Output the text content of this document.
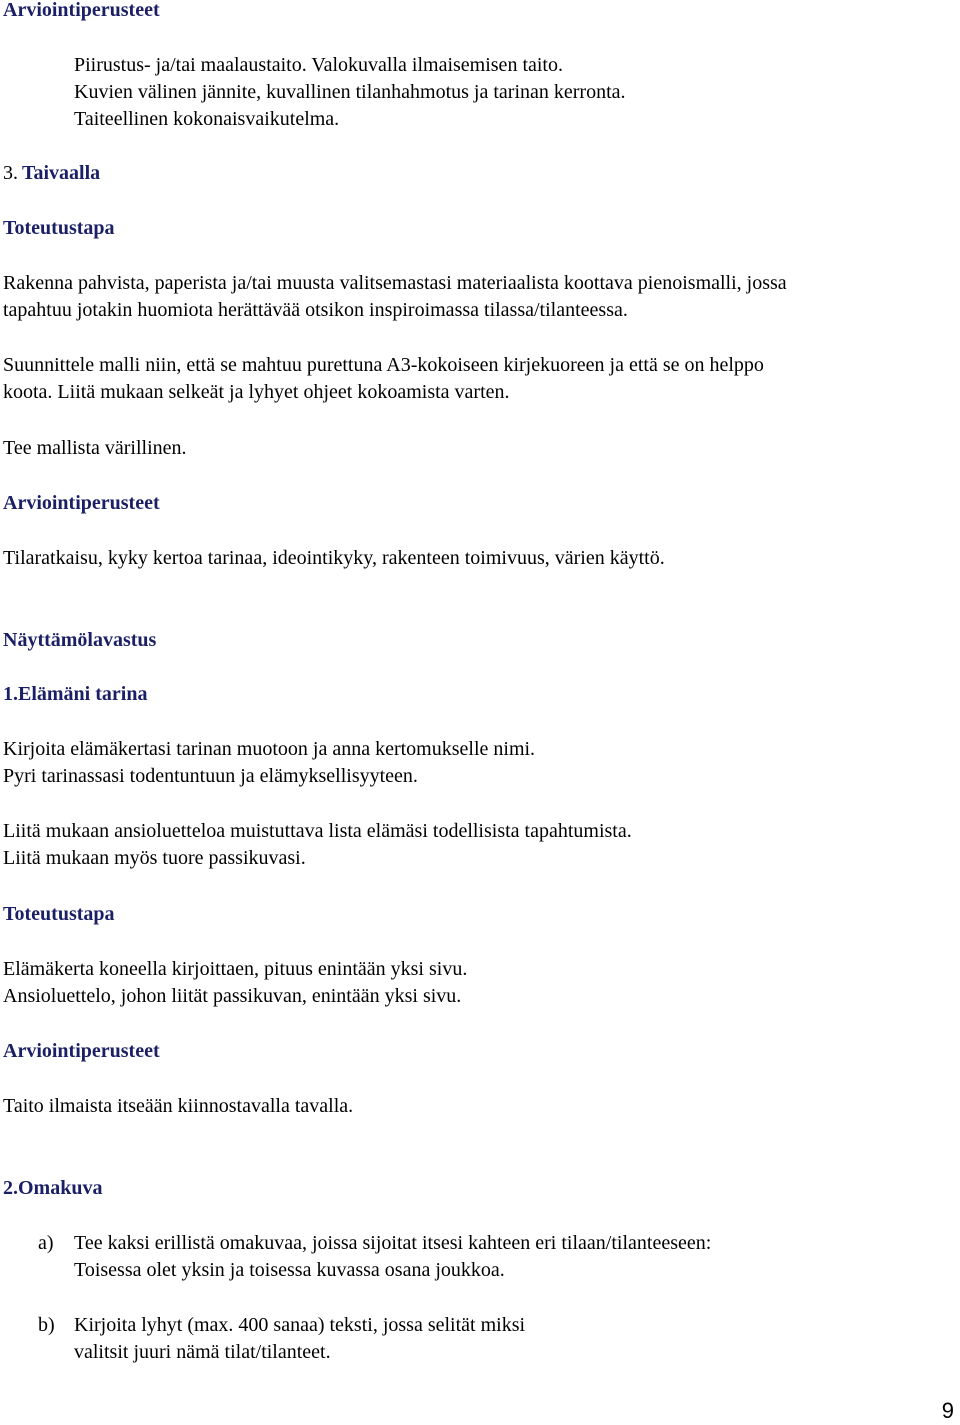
Arviointiperusteet
Piirustus- ja/tai maalaustaito. Valokuvalla ilmaisemisen taito.
Kuvien välinen jännite, kuvallinen tilanhahmotus ja tarinan kerronta.
Taiteellinen kokonaisvaikutelma.
3. Taivaalla
Toteutustapa
Rakenna pahvista, paperista ja/tai muusta valitsemastasi materiaalista koottava pienoismalli, jossa
tapahtuu jotakin huomiota herättävää otsikon inspiroimassa tilassa/tilanteessa.
Suunnittele malli niin, että se mahtuu purettuna A3-kokoiseen kirjekuoreen ja että se on helppo
koota. Liitä mukaan selkeät ja lyhyet ohjeet kokoamista varten.
Tee mallista värillinen.
Arviointiperusteet
Tilaratkaisu, kyky kertoa tarinaa, ideointikyky, rakenteen toimivuus, värien käyttö.
Näyttämölavastus
1.Elämäni tarina
Kirjoita elämäkertasi tarinan muotoon ja anna kertomukselle nimi.
Pyri tarinassasi todentuntuun ja elämyksellisyyteen.
Liitä mukaan ansioluetteloa muistuttava lista elämäsi todellisista tapahtumista.
Liitä mukaan myös tuore passikuvasi.
Toteutustapa
Elämäkerta koneella kirjoittaen, pituus enintään yksi sivu.
Ansioluettelo, johon liität passikuvan, enintään yksi sivu.
Arviointiperusteet
Taito ilmaista itseään kiinnostavalla tavalla.
2.Omakuva
a) Tee kaksi erillistä omakuvaa, joissa sijoitat itsesi kahteen eri tilaan/tilanteeseen:
Toisessa olet yksin ja toisessa kuvassa osana joukkoa.
b) Kirjoita lyhyt (max. 400 sanaa) teksti, jossa selität miksi
valitsit juuri nämä tilat/tilanteet.
9
